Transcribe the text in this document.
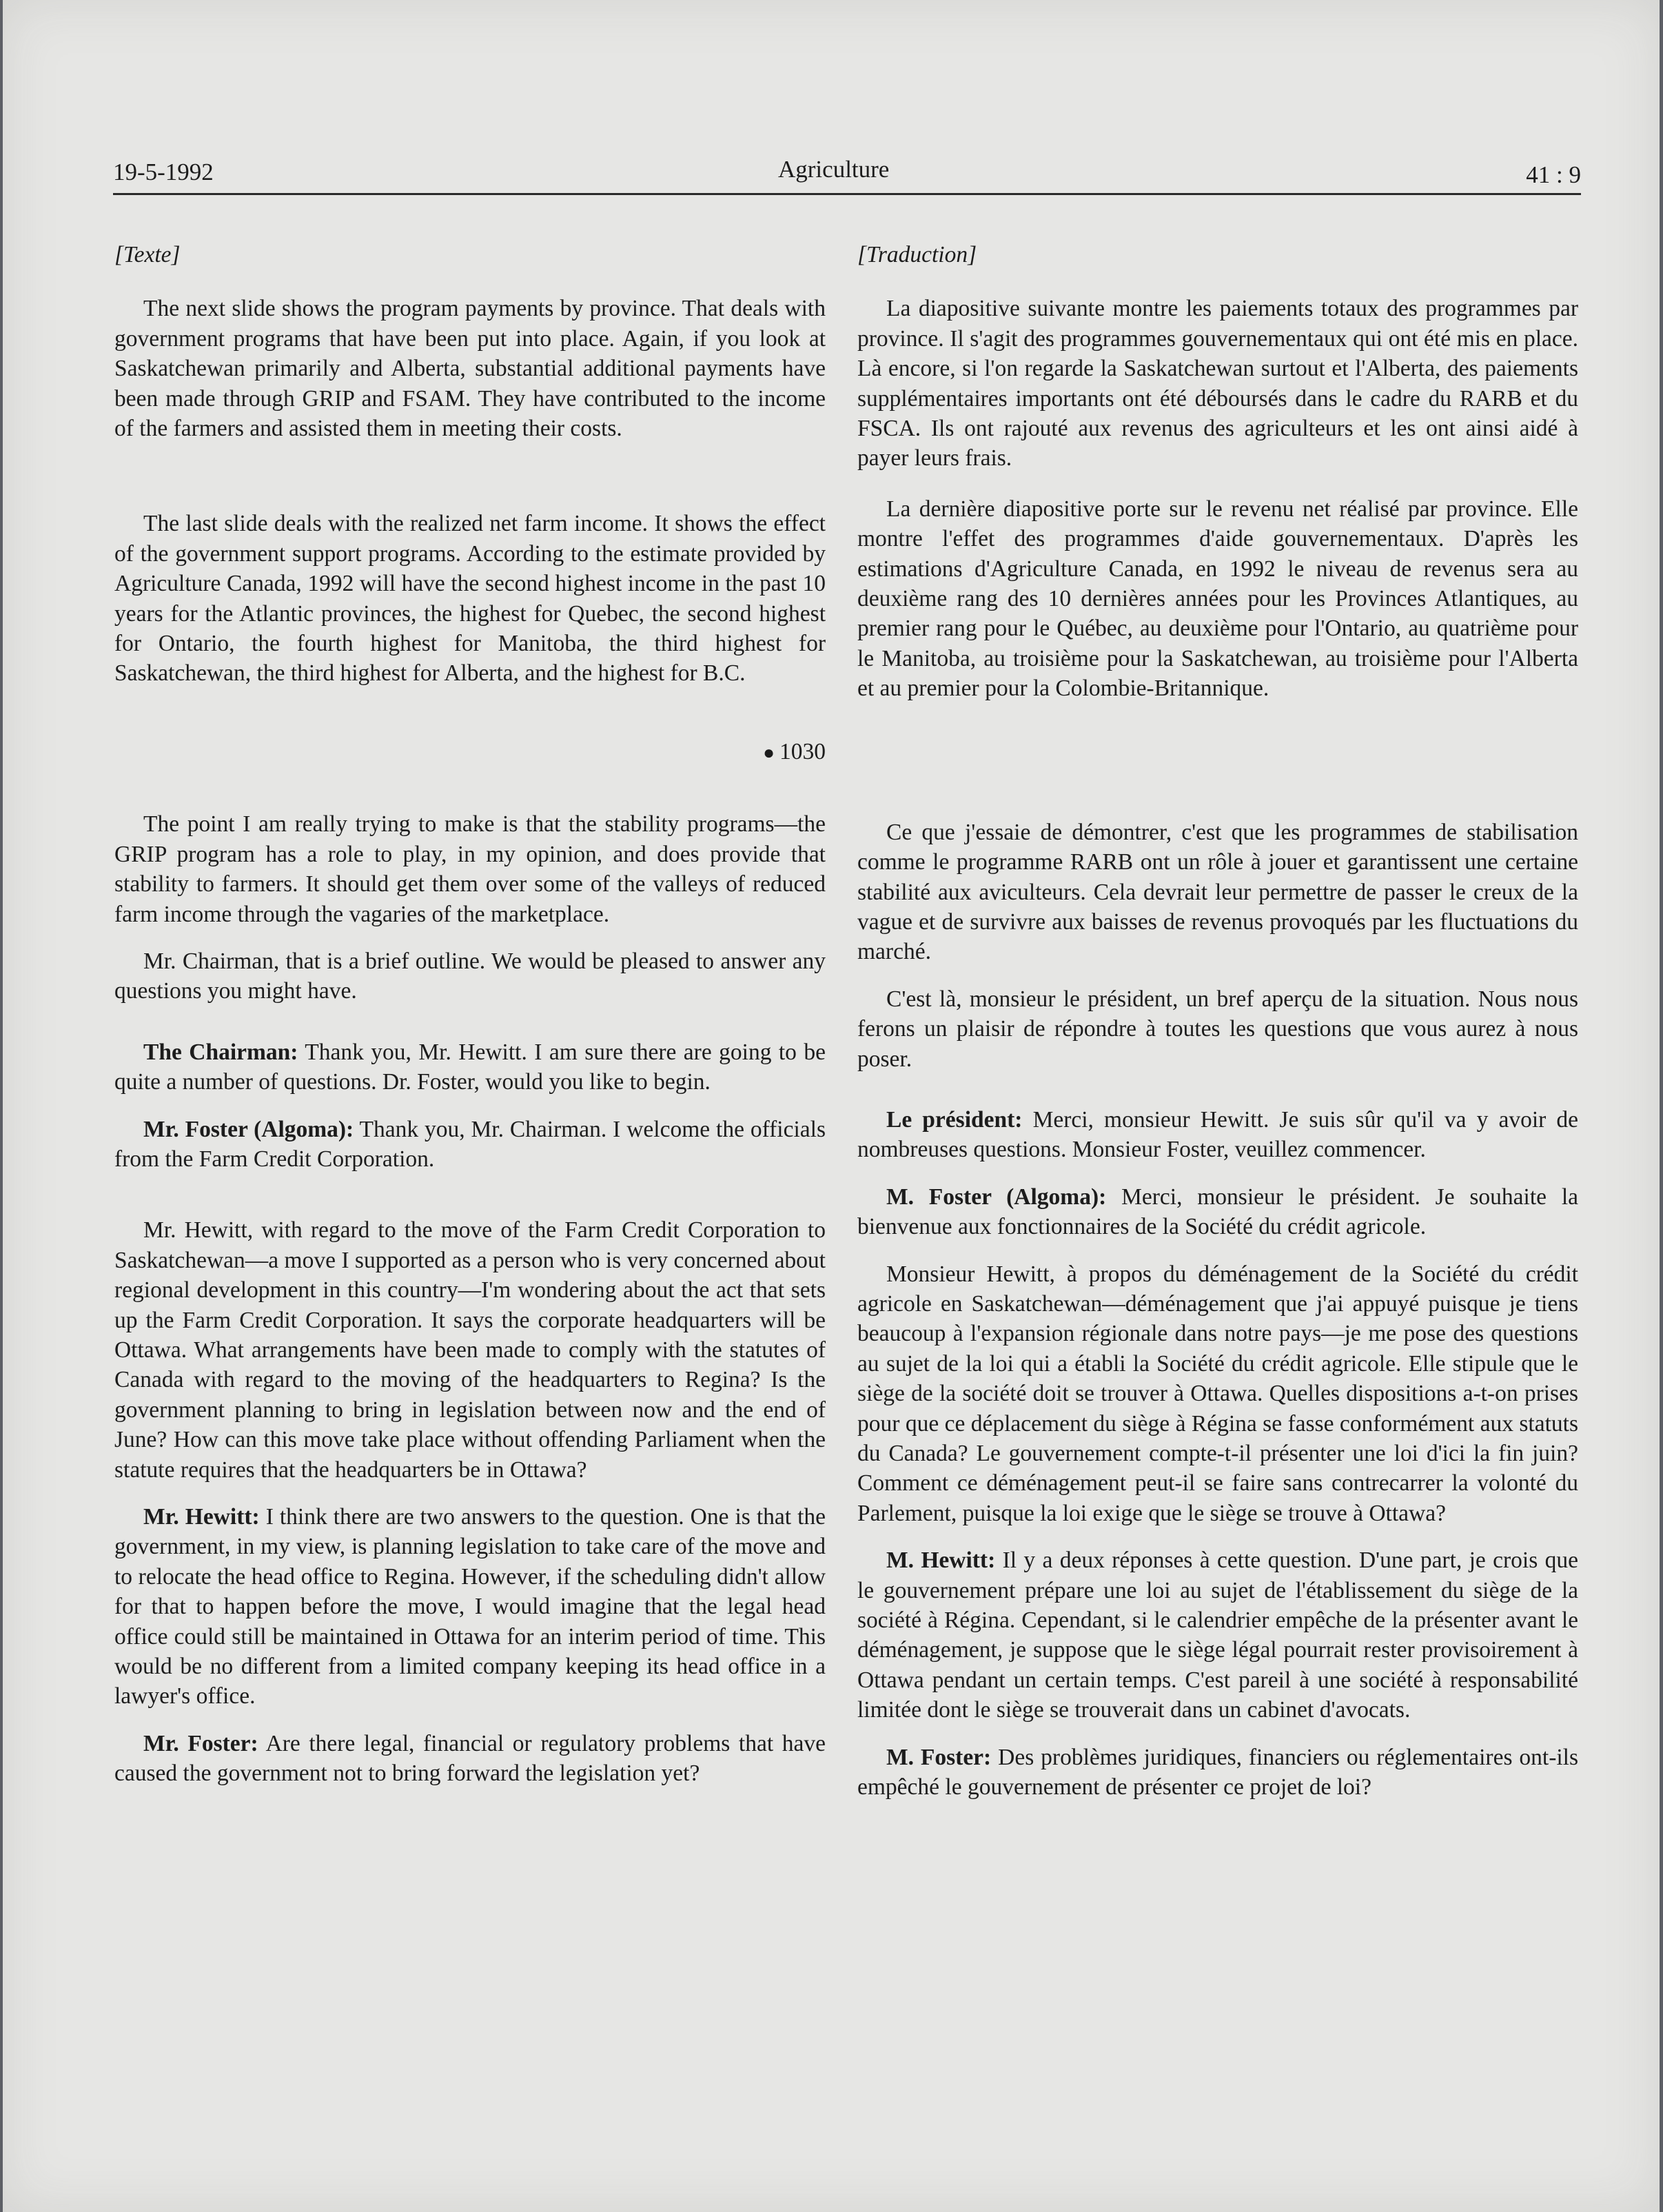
19-5-1992	Agriculture	41 : 9
[Texte]

The next slide shows the program payments by province. That deals with government programs that have been put into place. Again, if you look at Saskatchewan primarily and Alberta, substantial additional payments have been made through GRIP and FSAM. They have contributed to the income of the farmers and assisted them in meeting their costs.

The last slide deals with the realized net farm income. It shows the effect of the government support programs. According to the estimate provided by Agriculture Canada, 1992 will have the second highest income in the past 10 years for the Atlantic provinces, the highest for Quebec, the second highest for Ontario, the fourth highest for Manitoba, the third highest for Saskatchewan, the third highest for Alberta, and the highest for B.C.

● 1030

The point I am really trying to make is that the stability programs—the GRIP program has a role to play, in my opinion, and does provide that stability to farmers. It should get them over some of the valleys of reduced farm income through the vagaries of the marketplace.

Mr. Chairman, that is a brief outline. We would be pleased to answer any questions you might have.

The Chairman: Thank you, Mr. Hewitt. I am sure there are going to be quite a number of questions. Dr. Foster, would you like to begin.

Mr. Foster (Algoma): Thank you, Mr. Chairman. I welcome the officials from the Farm Credit Corporation.

Mr. Hewitt, with regard to the move of the Farm Credit Corporation to Saskatchewan—a move I supported as a person who is very concerned about regional development in this country—I'm wondering about the act that sets up the Farm Credit Corporation. It says the corporate headquarters will be Ottawa. What arrangements have been made to comply with the statutes of Canada with regard to the moving of the headquarters to Regina? Is the government planning to bring in legislation between now and the end of June? How can this move take place without offending Parliament when the statute requires that the headquarters be in Ottawa?

Mr. Hewitt: I think there are two answers to the question. One is that the government, in my view, is planning legislation to take care of the move and to relocate the head office to Regina. However, if the scheduling didn't allow for that to happen before the move, I would imagine that the legal head office could still be maintained in Ottawa for an interim period of time. This would be no different from a limited company keeping its head office in a lawyer's office.

Mr. Foster: Are there legal, financial or regulatory problems that have caused the government not to bring forward the legislation yet?

[Traduction]

La diapositive suivante montre les paiements totaux des programmes par province. Il s'agit des programmes gouvernementaux qui ont été mis en place. Là encore, si l'on regarde la Saskatchewan surtout et l'Alberta, des paiements supplémentaires importants ont été déboursés dans le cadre du RARB et du FSCA. Ils ont rajouté aux revenus des agriculteurs et les ont ainsi aidé à payer leurs frais.

La dernière diapositive porte sur le revenu net réalisé par province. Elle montre l'effet des programmes d'aide gouvernementaux. D'après les estimations d'Agriculture Canada, en 1992 le niveau de revenus sera au deuxième rang des 10 dernières années pour les Provinces Atlantiques, au premier rang pour le Québec, au deuxième pour l'Ontario, au quatrième pour le Manitoba, au troisième pour la Saskatchewan, au troisième pour l'Alberta et au premier pour la Colombie-Britannique.

Ce que j'essaie de démontrer, c'est que les programmes de stabilisation comme le programme RARB ont un rôle à jouer et garantissent une certaine stabilité aux aviculteurs. Cela devrait leur permettre de passer le creux de la vague et de survivre aux baisses de revenus provoqués par les fluctuations du marché.

C'est là, monsieur le président, un bref aperçu de la situation. Nous nous ferons un plaisir de répondre à toutes les questions que vous aurez à nous poser.

Le président: Merci, monsieur Hewitt. Je suis sûr qu'il va y avoir de nombreuses questions. Monsieur Foster, veuillez commencer.

M. Foster (Algoma): Merci, monsieur le président. Je souhaite la bienvenue aux fonctionnaires de la Société du crédit agricole.

Monsieur Hewitt, à propos du déménagement de la Société du crédit agricole en Saskatchewan—déménagement que j'ai appuyé puisque je tiens beaucoup à l'expansion régionale dans notre pays—je me pose des questions au sujet de la loi qui a établi la Société du crédit agricole. Elle stipule que le siège de la société doit se trouver à Ottawa. Quelles dispositions a-t-on prises pour que ce déplacement du siège à Régina se fasse conformément aux statuts du Canada? Le gouvernement compte-t-il présenter une loi d'ici la fin juin? Comment ce déménagement peut-il se faire sans contrecarrer la volonté du Parlement, puisque la loi exige que le siège se trouve à Ottawa?

M. Hewitt: Il y a deux réponses à cette question. D'une part, je crois que le gouvernement prépare une loi au sujet de l'établissement du siège de la société à Régina. Cependant, si le calendrier empêche de la présenter avant le déménagement, je suppose que le siège légal pourrait rester provisoirement à Ottawa pendant un certain temps. C'est pareil à une société à responsabilité limitée dont le siège se trouverait dans un cabinet d'avocats.

M. Foster: Des problèmes juridiques, financiers ou réglementaires ont-ils empêché le gouvernement de présenter ce projet de loi?
